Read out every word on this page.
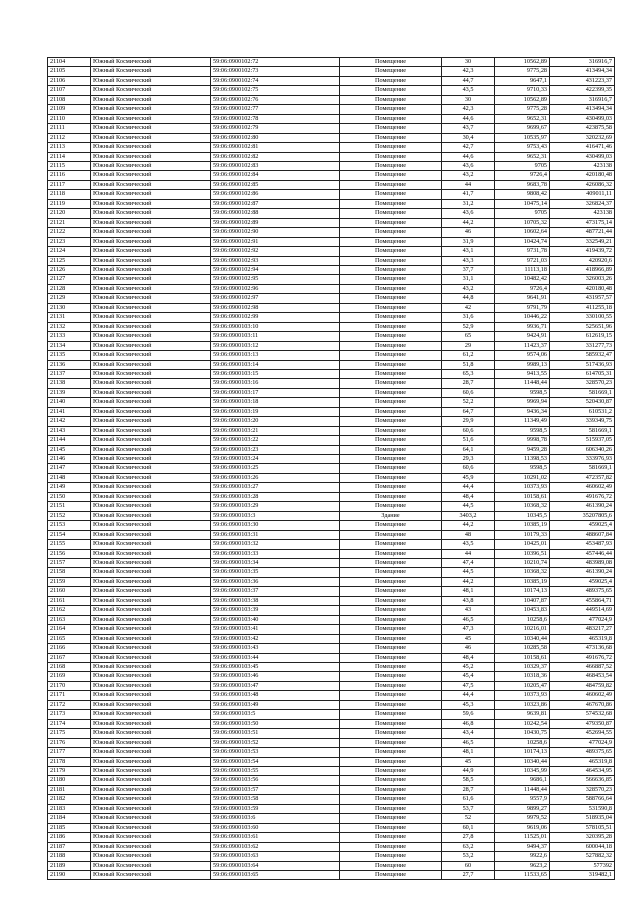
21104	Южный Космический	59:06:0900102:72	Помещение	30	10562,89	316916,7
21105	Южный Космический	59:06:0900102:73	Помещение	42,3	9775,28	413494,34
21106	Южный Космический	59:06:0900102:74	Помещение	44,7	9647,1	431223,37
21107	Южный Космический	59:06:0900102:75	Помещение	43,5	9710,33	422399,35
21108	Южный Космический	59:06:0900102:76	Помещение	30	10562,89	316916,7
21109	Южный Космический	59:06:0900102:77	Помещение	42,3	9775,28	413494,34
21110	Южный Космический	59:06:0900102:78	Помещение	44,6	9652,31	430499,03
21111	Южный Космический	59:06:0900102:79	Помещение	43,7	9699,67	423875,58
21112	Южный Космический	59:06:0900102:80	Помещение	30,4	10535,97	320232,69
21113	Южный Космический	59:06:0900102:81	Помещение	42,7	9753,43	416471,46
21114	Южный Космический	59:06:0900102:82	Помещение	44,6	9652,31	430499,03
21115	Южный Космический	59:06:0900102:83	Помещение	43,6	9705	423138
21116	Южный Космический	59:06:0900102:84	Помещение	43,2	9726,4	420180,48
21117	Южный Космический	59:06:0900102:85	Помещение	44	9683,78	426086,32
21118	Южный Космический	59:06:0900102:86	Помещение	41,7	9808,42	409011,11
21119	Южный Космический	59:06:0900102:87	Помещение	31,2	10475,14	326824,37
21120	Южный Космический	59:06:0900102:88	Помещение	43,6	9705	423138
21121	Южный Космический	59:06:0900102:89	Помещение	44,2	10705,32	473175,14
21122	Южный Космический	59:06:0900102:90	Помещение	46	10602,64	487721,44
21123	Южный Космический	59:06:0900102:91	Помещение	31,9	10424,74	332549,21
21124	Южный Космический	59:06:0900102:92	Помещение	43,1	9731,78	419439,72
21125	Южный Космический	59:06:0900102:93	Помещение	43,3	9721,03	420920,6
21126	Южный Космический	59:06:0900102:94	Помещение	37,7	11113,18	418966,89
21127	Южный Космический	59:06:0900102:95	Помещение	31,1	10482,42	326003,26
21128	Южный Космический	59:06:0900102:96	Помещение	43,2	9726,4	420180,48
21129	Южный Космический	59:06:0900102:97	Помещение	44,8	9641,91	431957,57
21130	Южный Космический	59:06:0900102:98	Помещение	42	9791,79	411255,18
21131	Южный Космический	59:06:0900102:99	Помещение	31,6	10446,22	330100,55
21132	Южный Космический	59:06:0900103:10	Помещение	52,9	9936,71	525651,96
21133	Южный Космический	59:06:0900103:11	Помещение	65	9424,91	612619,15
21134	Южный Космический	59:06:0900103:12	Помещение	29	11423,37	331277,73
21135	Южный Космический	59:06:0900103:13	Помещение	61,2	9574,06	585932,47
21136	Южный Космический	59:06:0900103:14	Помещение	51,8	9989,13	517436,93
21137	Южный Космический	59:06:0900103:15	Помещение	65,3	9413,55	614705,31
21138	Южный Космический	59:06:0900103:16	Помещение	28,7	11448,44	328570,23
21139	Южный Космический	59:06:0900103:17	Помещение	60,6	9598,5	581669,1
21140	Южный Космический	59:06:0900103:18	Помещение	52,2	9969,94	520430,87
21141	Южный Космический	59:06:0900103:19	Помещение	64,7	9436,34	610531,2
21142	Южный Космический	59:06:0900103:20	Помещение	29,9	11349,49	339349,75
21143	Южный Космический	59:06:0900103:21	Помещение	60,6	9598,5	581669,1
21144	Южный Космический	59:06:0900103:22	Помещение	51,6	9998,78	515937,05
21145	Южный Космический	59:06:0900103:23	Помещение	64,1	9459,28	606340,26
21146	Южный Космический	59:06:0900103:24	Помещение	29,3	11398,53	333976,93
21147	Южный Космический	59:06:0900103:25	Помещение	60,6	9598,5	581669,1
21148	Южный Космический	59:06:0900103:26	Помещение	45,9	10291,02	472357,82
21149	Южный Космический	59:06:0900103:27	Помещение	44,4	10373,93	460602,49
21150	Южный Космический	59:06:0900103:28	Помещение	48,4	10158,61	491676,72
21151	Южный Космический	59:06:0900103:29	Помещение	44,5	10368,32	461390,24
21152	Южный Космический	59:06:0900103:3	Здание	3403,2	10345,5	35207805,6
21153	Южный Космический	59:06:0900103:30	Помещение	44,2	10385,19	459025,4
21154	Южный Космический	59:06:0900103:31	Помещение	48	10179,33	488607,84
21155	Южный Космический	59:06:0900103:32	Помещение	43,5	10425,01	453487,93
21156	Южный Космический	59:06:0900103:33	Помещение	44	10396,51	457446,44
21157	Южный Космический	59:06:0900103:34	Помещение	47,4	10210,74	483989,08
21158	Южный Космический	59:06:0900103:35	Помещение	44,5	10368,32	461390,24
21159	Южный Космический	59:06:0900103:36	Помещение	44,2	10385,19	459025,4
21160	Южный Космический	59:06:0900103:37	Помещение	48,1	10174,13	489375,65
21161	Южный Космический	59:06:0900103:38	Помещение	43,8	10407,87	455864,71
21162	Южный Космический	59:06:0900103:39	Помещение	43	10453,83	449514,69
21163	Южный Космический	59:06:0900103:40	Помещение	46,5	10258,6	477024,9
21164	Южный Космический	59:06:0900103:41	Помещение	47,3	10216,01	483217,27
21165	Южный Космический	59:06:0900103:42	Помещение	45	10340,44	465319,8
21166	Южный Космический	59:06:0900103:43	Помещение	46	10285,58	473136,68
21167	Южный Космический	59:06:0900103:44	Помещение	48,4	10158,61	491676,72
21168	Южный Космический	59:06:0900103:45	Помещение	45,2	10329,37	466887,52
21169	Южный Космический	59:06:0900103:46	Помещение	45,4	10318,36	468453,54
21170	Южный Космический	59:06:0900103:47	Помещение	47,5	10205,47	484759,82
21171	Южный Космический	59:06:0900103:48	Помещение	44,4	10373,93	460602,49
21172	Южный Космический	59:06:0900103:49	Помещение	45,3	10323,86	467670,86
21173	Южный Космический	59:06:0900103:5	Помещение	59,6	9639,81	574532,68
21174	Южный Космический	59:06:0900103:50	Помещение	46,8	10242,54	479350,87
21175	Южный Космический	59:06:0900103:51	Помещение	43,4	10430,75	452694,55
21176	Южный Космический	59:06:0900103:52	Помещение	46,5	10258,6	477024,9
21177	Южный Космический	59:06:0900103:53	Помещение	48,1	10174,13	489375,65
21178	Южный Космический	59:06:0900103:54	Помещение	45	10340,44	465319,8
21179	Южный Космический	59:06:0900103:55	Помещение	44,9	10345,99	464534,95
21180	Южный Космический	59:06:0900103:56	Помещение	58,5	9686,1	566636,85
21181	Южный Космический	59:06:0900103:57	Помещение	28,7	11448,44	328570,23
21182	Южный Космический	59:06:0900103:58	Помещение	61,6	9557,9	588766,64
21183	Южный Космический	59:06:0900103:59	Помещение	53,7	9899,27	531590,8
21184	Южный Космический	59:06:0900103:6	Помещение	52	9979,52	518935,04
21185	Южный Космический	59:06:0900103:60	Помещение	60,1	9619,06	578105,51
21186	Южный Космический	59:06:0900103:61	Помещение	27,8	11525,01	320395,28
21187	Южный Космический	59:06:0900103:62	Помещение	63,2	9494,37	600044,18
21188	Южный Космический	59:06:0900103:63	Помещение	53,2	9922,6	527882,32
21189	Южный Космический	59:06:0900103:64	Помещение	60	9623,2	577392
21190	Южный Космический	59:06:0900103:65	Помещение	27,7	11533,65	319482,1
